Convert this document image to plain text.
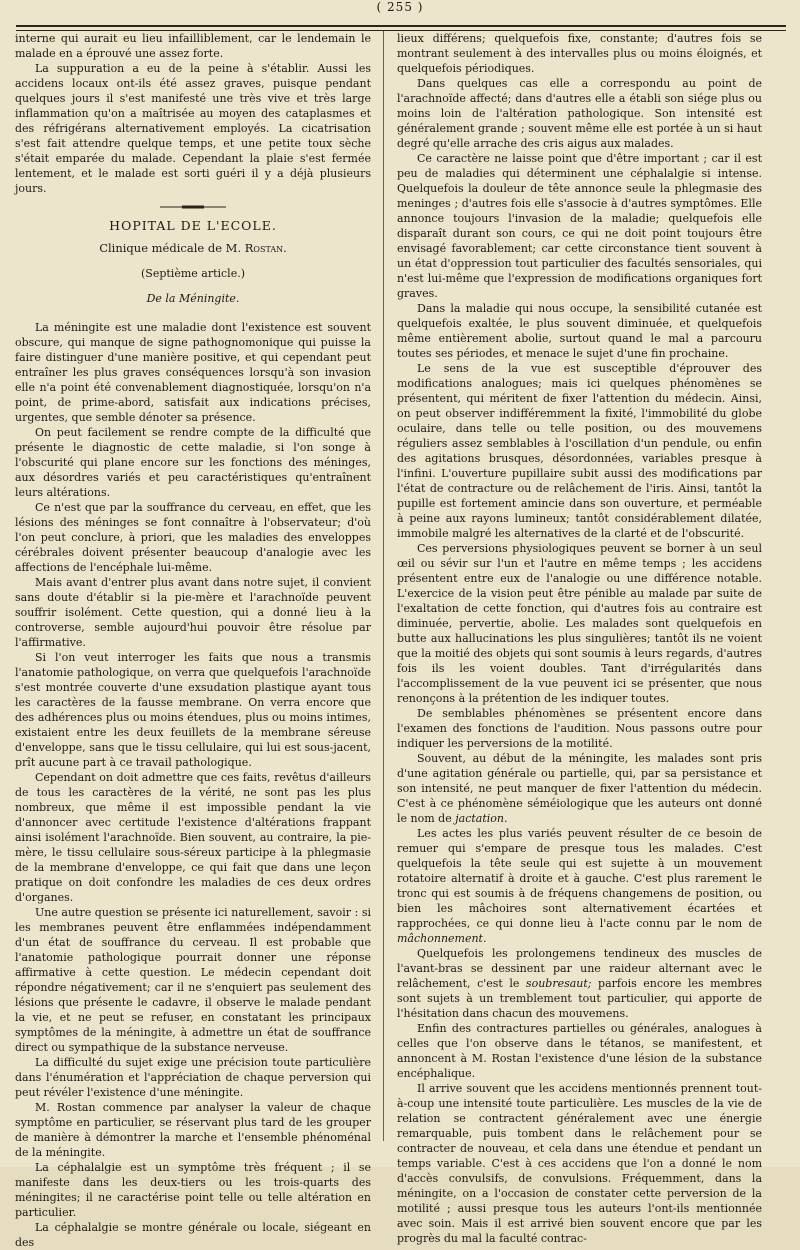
( 255 )

interne qui aurait eu lieu infailliblement, car le lendemain le malade en a éprouvé une assez forte.

La suppuration a eu de la peine à s'établir. Aussi les accidens locaux ont-ils été assez graves, puisque pendant quelques jours il s'est manifesté une très vive et très large inflammation qu'on a maîtrisée au moyen des cataplasmes et des réfrigérans alternativement employés. La cicatrisation s'est fait attendre quelque temps, et une petite toux sèche s'était emparée du malade. Cependant la plaie s'est fermée lentement, et le malade est sorti guéri il y a déjà plusieurs jours.

HOPITAL DE L'ECOLE.
Clinique médicale de M. Rostan.
(Septième article.)
De la Méningite.

La méningite est une maladie dont l'existence est souvent obscure, qui manque de signe pathognomonique qui puisse la faire distinguer d'une manière positive, et qui cependant peut entraîner les plus graves conséquences lorsqu'à son invasion elle n'a point été convenablement diagnostiquée, lorsqu'on n'a point, de prime-abord, satisfait aux indications précises, urgentes, que semble dénoter sa présence.

On peut facilement se rendre compte de la difficulté que présente le diagnostic de cette maladie, si l'on songe à l'obscurité qui plane encore sur les fonctions des méninges, aux désordres variés et peu caractéristiques qu'entraînent leurs altérations.

Ce n'est que par la souffrance du cerveau, en effet, que les lésions des méninges se font connaître à l'observateur; d'où l'on peut conclure, à priori, que les maladies des enveloppes cérébrales doivent présenter beaucoup d'analogie avec les affections de l'encéphale lui-même.

Mais avant d'entrer plus avant dans notre sujet, il convient sans doute d'établir si la pie-mère et l'arachnoïde peuvent souffrir isolément. Cette question, qui a donné lieu à la controverse, semble aujourd'hui pouvoir être résolue par l'affirmative.

Si l'on veut interroger les faits que nous a transmis l'anatomie pathologique, on verra que quelquefois l'arachnoïde s'est montrée couverte d'une exsudation plastique ayant tous les caractères de la fausse membrane. On verra encore que des adhérences plus ou moins étendues, plus ou moins intimes, existaient entre les deux feuillets de la membrane séreuse d'enveloppe, sans que le tissu cellulaire, qui lui est sous-jacent, prît aucune part à ce travail pathologique.

Cependant on doit admettre que ces faits, revêtus d'ailleurs de tous les caractères de la vérité, ne sont pas les plus nombreux, que même il est impossible pendant la vie d'annoncer avec certitude l'existence d'altérations frappant ainsi isolément l'arachnoïde. Bien souvent, au contraire, la pie-mère, le tissu cellulaire sous-séreux participe à la phlegmasie de la membrane d'enveloppe, ce qui fait que dans une leçon pratique on doit confondre les maladies de ces deux ordres d'organes.

Une autre question se présente ici naturellement, savoir : si les membranes peuvent être enflammées indépendamment d'un état de souffrance du cerveau. Il est probable que l'anatomie pathologique pourrait donner une réponse affirmative à cette question. Le médecin cependant doit répondre négativement; car il ne s'enquiert pas seulement des lésions que présente le cadavre, il observe le malade pendant la vie, et ne peut se refuser, en constatant les principaux symptômes de la méningite, à admettre un état de souffrance direct ou sympathique de la substance nerveuse.

La difficulté du sujet exige une précision toute particulière dans l'énumération et l'appréciation de chaque perversion qui peut révéler l'existence d'une méningite.

M. Rostan commence par analyser la valeur de chaque symptôme en particulier, se réservant plus tard de les grouper de manière à démontrer la marche et l'ensemble phénoménal de la méningite.

La céphalalgie est un symptôme très fréquent ; il se manifeste dans les deux-tiers ou les trois-quarts des méningites; il ne caractérise point telle ou telle altération en particulier.

La céphalalgie se montre générale ou locale, siégeant en des

lieux différens; quelquefois fixe, constante; d'autres fois se montrant seulement à des intervalles plus ou moins éloignés, et quelquefois périodiques.

Dans quelques cas elle a correspondu au point de l'arachnoïde affecté; dans d'autres elle a établi son siége plus ou moins loin de l'altération pathologique. Son intensité est généralement grande ; souvent même elle est portée à un si haut degré qu'elle arrache des cris aigus aux malades.

Ce caractère ne laisse point que d'être important ; car il est peu de maladies qui déterminent une céphalalgie si intense. Quelquefois la douleur de tête annonce seule la phlegmasie des meninges ; d'autres fois elle s'associe à d'autres symptômes. Elle annonce toujours l'invasion de la maladie; quelquefois elle disparaît durant son cours, ce qui ne doit point toujours être envisagé favorablement; car cette circonstance tient souvent à un état d'oppression tout particulier des facultés sensoriales, qui n'est lui-même que l'expression de modifications organiques fort graves.

Dans la maladie qui nous occupe, la sensibilité cutanée est quelquefois exaltée, le plus souvent diminuée, et quelquefois même entièrement abolie, surtout quand le mal a parcouru toutes ses périodes, et menace le sujet d'une fin prochaine.

Le sens de la vue est susceptible d'éprouver des modifications analogues; mais ici quelques phénomènes se présentent, qui méritent de fixer l'attention du médecin. Ainsi, on peut observer indifféremment la fixité, l'immobilité du globe oculaire, dans telle ou telle position, ou des mouvemens réguliers assez semblables à l'oscillation d'un pendule, ou enfin des agitations brusques, désordonnées, variables presque à l'infini. L'ouverture pupillaire subit aussi des modifications par l'état de contracture ou de relâchement de l'iris. Ainsi, tantôt la pupille est fortement amincie dans son ouverture, et perméable à peine aux rayons lumineux; tantôt considérablement dilatée, immobile malgré les alternatives de la clarté et de l'obscurité.

Ces perversions physiologiques peuvent se borner à un seul œil ou sévir sur l'un et l'autre en même temps ; les accidens présentent entre eux de l'analogie ou une différence notable. L'exercice de la vision peut être pénible au malade par suite de l'exaltation de cette fonction, qui d'autres fois au contraire est diminuée, pervertie, abolie. Les malades sont quelquefois en butte aux hallucinations les plus singulières; tantôt ils ne voient que la moitié des objets qui sont soumis à leurs regards, d'autres fois ils les voient doubles. Tant d'irrégularités dans l'accomplissement de la vue peuvent ici se présenter, que nous renonçons à la prétention de les indiquer toutes.

De semblables phénomènes se présentent encore dans l'examen des fonctions de l'audition. Nous passons outre pour indiquer les perversions de la motilité.

Souvent, au début de la méningite, les malades sont pris d'une agitation générale ou partielle, qui, par sa persistance et son intensité, ne peut manquer de fixer l'attention du médecin. C'est à ce phénomène séméiologique que les auteurs ont donné le nom de jactation.

Les actes les plus variés peuvent résulter de ce besoin de remuer qui s'empare de presque tous les malades. C'est quelquefois la tête seule qui est sujette à un mouvement rotatoire alternatif à droite et à gauche. C'est plus rarement le tronc qui est soumis à de fréquens changemens de position, ou bien les mâchoires sont alternativement écartées et rapprochées, ce qui donne lieu à l'acte connu par le nom de mâchonnement.

Quelquefois les prolongemens tendineux des muscles de l'avant-bras se dessinent par une raideur alternant avec le relâchement, c'est le soubresaut; parfois encore les membres sont sujets à un tremblement tout particulier, qui apporte de l'hésitation dans chacun des mouvemens.

Enfin des contractures partielles ou générales, analogues à celles que l'on observe dans le tétanos, se manifestent, et annoncent à M. Rostan l'existence d'une lésion de la substance encéphalique.

Il arrive souvent que les accidens mentionnés prennent tout-à-coup une intensité toute particulière. Les muscles de la vie de relation se contractent généralement avec une énergie remarquable, puis tombent dans le relâchement pour se contracter de nouveau, et cela dans une étendue et pendant un temps variable. C'est à ces accidens que l'on a donné le nom d'accès convulsifs, de convulsions. Fréquemment, dans la méningite, on a l'occasion de constater cette perversion de la motilité ; aussi presque tous les auteurs l'ont-ils mentionnée avec soin. Mais il est arrivé bien souvent encore que par les progrès du mal la faculté contrac-
